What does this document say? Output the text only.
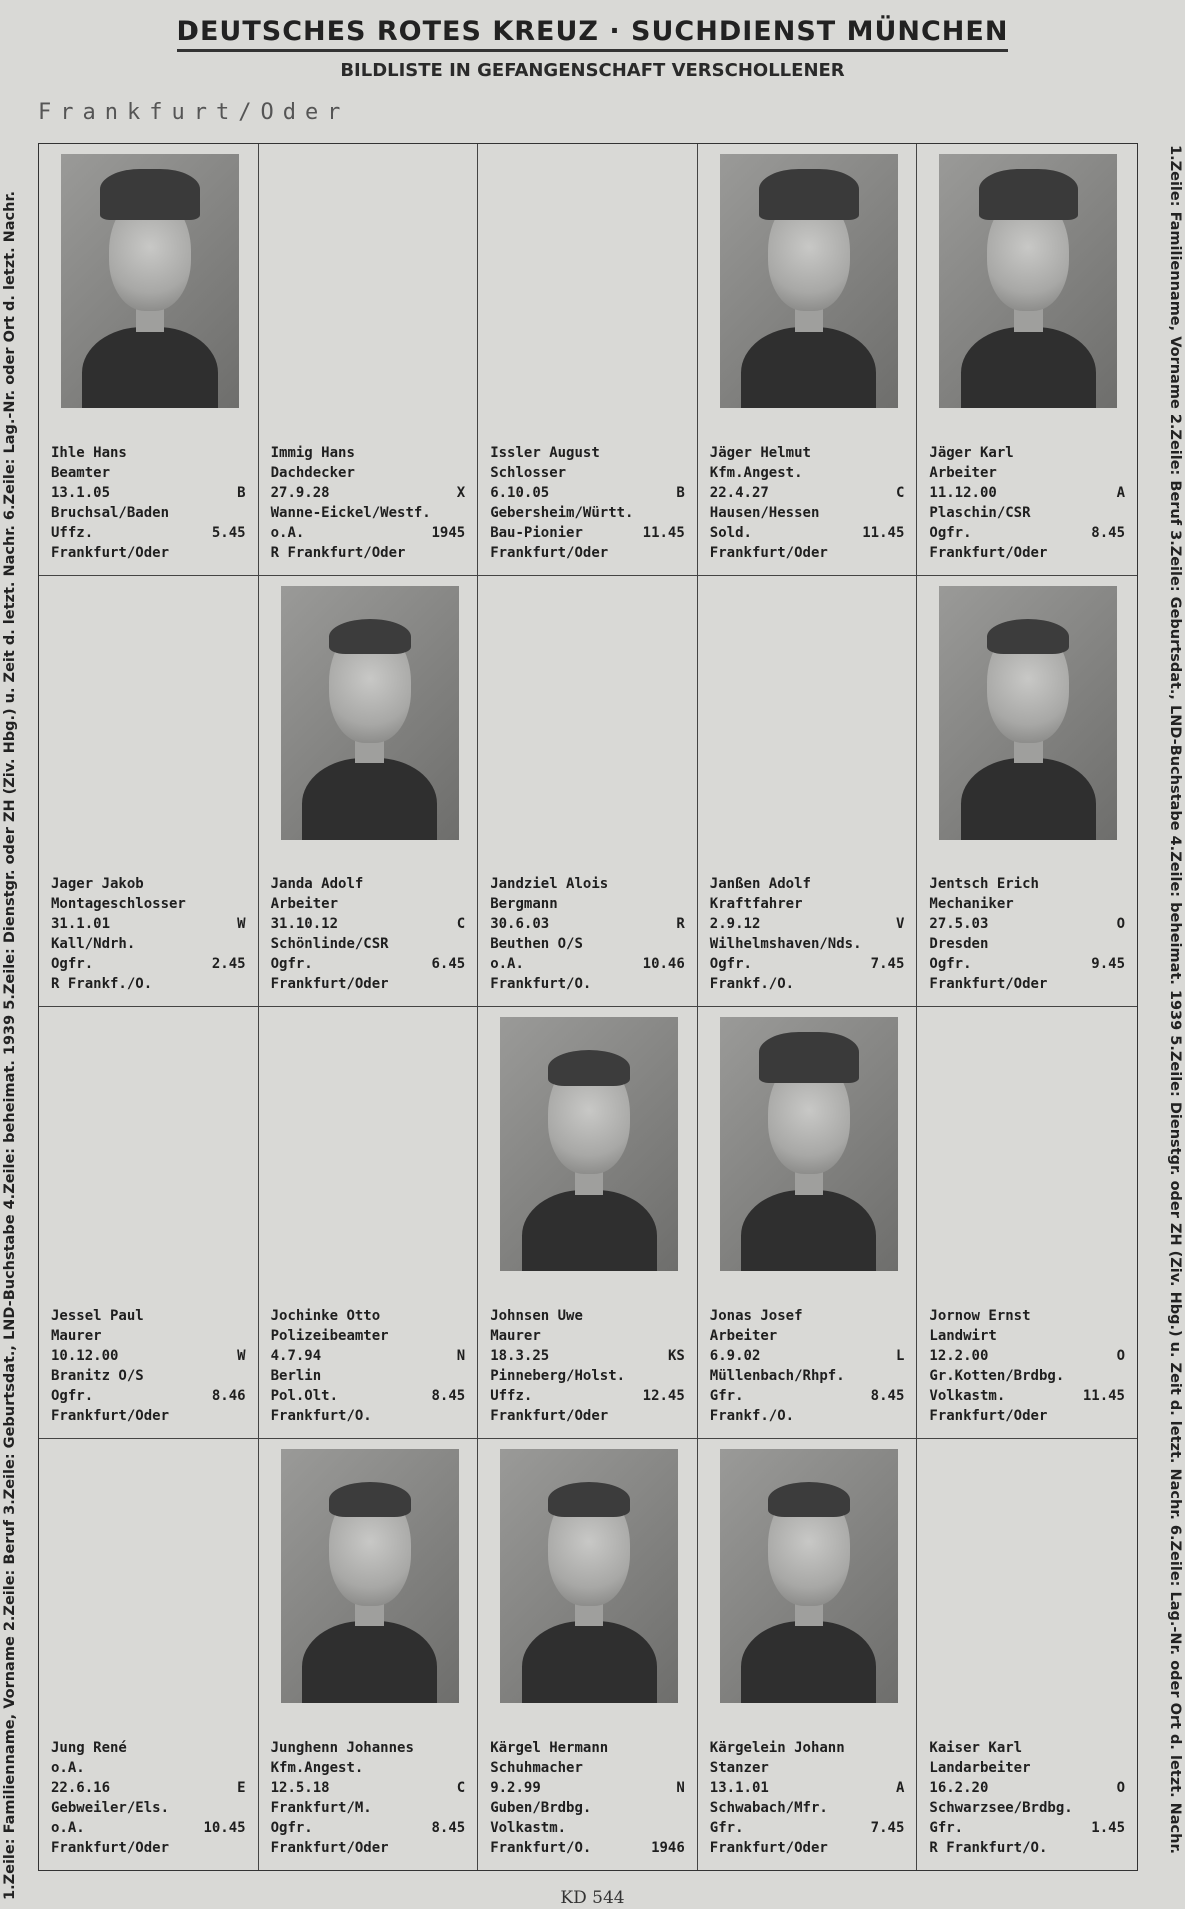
DEUTSCHES ROTES KREUZ · SUCHDIENST MÜNCHEN
BILDLISTE IN GEFANGENSCHAFT VERSCHOLLENER
Frankfurt/Oder
1.Zeile: Familienname, Vorname 2.Zeile: Beruf 3.Zeile: Geburtsdat., LND-Buchstabe 4.Zeile: beheimat. 1939 5.Zeile: Dienstgr. oder ZH (Ziv. Hbg.) u. Zeit d. letzt. Nachr. 6.Zeile: Lag.-Nr. oder Ort d. letzt. Nachr.	1.Zeile: Familienname, Vorname 2.Zeile: Beruf 3.Zeile: Geburtsdat., LND-Buchstabe 4.Zeile: beheimat. 1939 5.Zeile: Dienstgr. oder ZH (Ziv. Hbg.) u. Zeit d. letzt. Nachr. 6.Zeile: Lag.-Nr. oder Ort d. letzt. Nachr.
Ihle Hans
Beamter
13.1.05	B
Bruchsal/Baden
Uffz.	5.45
Frankfurt/Oder
Immig Hans
Dachdecker
27.9.28	X
Wanne-Eickel/Westf.
o.A.	1945
R Frankfurt/Oder
Issler August
Schlosser
6.10.05	B
Gebersheim/Württ.
Bau-Pionier	11.45
Frankfurt/Oder
Jäger Helmut
Kfm.Angest.
22.4.27	C
Hausen/Hessen
Sold.	11.45
Frankfurt/Oder
Jäger Karl
Arbeiter
11.12.00	A
Plaschin/CSR
Ogfr.	8.45
Frankfurt/Oder
Jager Jakob
Montageschlosser
31.1.01	W
Kall/Ndrh.
Ogfr.	2.45
R Frankf./O.
Janda Adolf
Arbeiter
31.10.12	C
Schönlinde/CSR
Ogfr.	6.45
Frankfurt/Oder
Jandziel Alois
Bergmann
30.6.03	R
Beuthen O/S
o.A.	10.46
Frankfurt/O.
Janßen Adolf
Kraftfahrer
2.9.12	V
Wilhelmshaven/Nds.
Ogfr.	7.45
Frankf./O.
Jentsch Erich
Mechaniker
27.5.03	O
Dresden
Ogfr.	9.45
Frankfurt/Oder
Jessel Paul
Maurer
10.12.00	W
Branitz O/S
Ogfr.	8.46
Frankfurt/Oder
Jochinke Otto
Polizeibeamter
4.7.94	N
Berlin
Pol.Olt.	8.45
Frankfurt/O.
Johnsen Uwe
Maurer
18.3.25	KS
Pinneberg/Holst.
Uffz.	12.45
Frankfurt/Oder
Jonas Josef
Arbeiter
6.9.02	L
Müllenbach/Rhpf.
Gfr.	8.45
Frankf./O.
Jornow Ernst
Landwirt
12.2.00	O
Gr.Kotten/Brdbg.
Volkastm.	11.45
Frankfurt/Oder
Jung René
o.A.
22.6.16	E
Gebweiler/Els.
o.A.	10.45
Frankfurt/Oder
Junghenn Johannes
Kfm.Angest.
12.5.18	C
Frankfurt/M.
Ogfr.	8.45
Frankfurt/Oder
Kärgel Hermann
Schuhmacher
9.2.99	N
Guben/Brdbg.
Volkastm.
Frankfurt/O.	1946
Kärgelein Johann
Stanzer
13.1.01	A
Schwabach/Mfr.
Gfr.	7.45
Frankfurt/Oder
Kaiser Karl
Landarbeiter
16.2.20	O
Schwarzsee/Brdbg.
Gfr.	1.45
R Frankfurt/O.
KD 544
